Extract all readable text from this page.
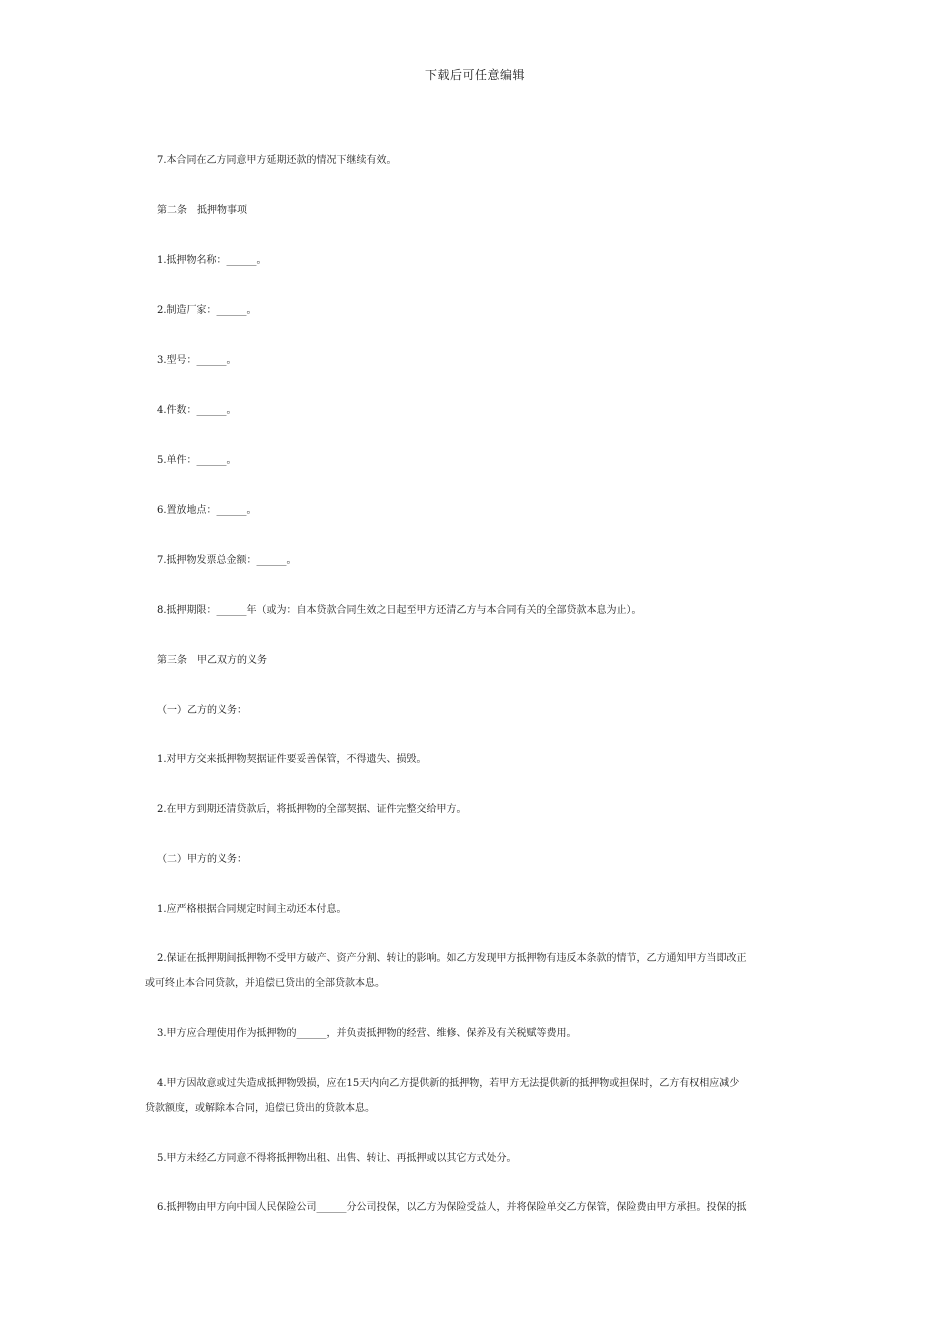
下载后可任意编辑
7.本合同在乙方同意甲方延期还款的情况下继续有效。
第二条　抵押物事项
1.抵押物名称：______。
2.制造厂家：______。
3.型号：______。
4.件数：______。
5.单件：______。
6.置放地点：______。
7.抵押物发票总金额：______。
8.抵押期限：______年（或为：自本贷款合同生效之日起至甲方还清乙方与本合同有关的全部贷款本息为止）。
第三条　甲乙双方的义务
（一）乙方的义务：
1.对甲方交来抵押物契据证件要妥善保管，不得遗失、损毁。
2.在甲方到期还清贷款后，将抵押物的全部契据、证件完整交给甲方。
（二）甲方的义务：
1.应严格根据合同规定时间主动还本付息。
2.保证在抵押期间抵押物不受甲方破产、资产分割、转让的影响。如乙方发现甲方抵押物有违反本条款的情节，乙方通知甲方当即改正
或可终止本合同贷款，并追偿已贷出的全部贷款本息。
3.甲方应合理使用作为抵押物的______，并负责抵押物的经营、维修、保养及有关税赋等费用。
4.甲方因故意或过失造成抵押物毁损，应在15天内向乙方提供新的抵押物，若甲方无法提供新的抵押物或担保时，乙方有权相应减少
贷款额度，或解除本合同，追偿已贷出的贷款本息。
5.甲方未经乙方同意不得将抵押物出租、出售、转让、再抵押或以其它方式处分。
6.抵押物由甲方向中国人民保险公司______分公司投保，以乙方为保险受益人，并将保险单交乙方保管，保险费由甲方承担。投保的抵
